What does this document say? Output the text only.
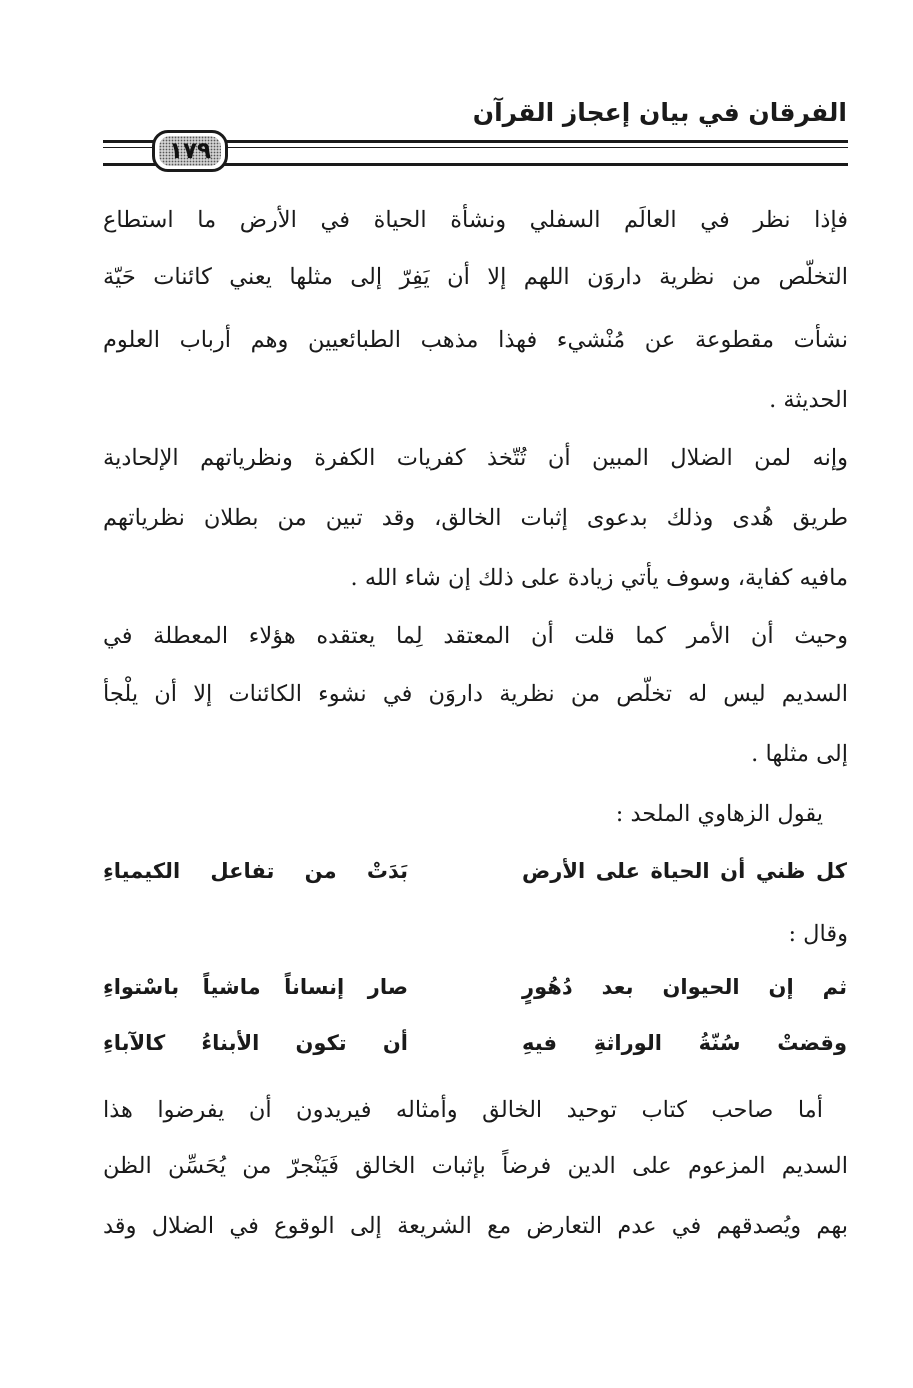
الفرقان في بيان إعجاز القرآن
١٧٩
فإذا نظر في العالَم السفلي ونشأة الحياة في الأرض ما استطاع
التخلّص من نظرية داروَن اللهم إلا أن يَفِرّ إلى مثلها يعني كائنات حَيّة
نشأت مقطوعة عن مُنْشيء فهذا مذهب الطبائعيين وهم أرباب العلوم
الحديثة .
وإنه لمن الضلال المبين أن تُتّخذ كفريات الكفرة ونظرياتهم الإلحادية
طريق هُدى وذلك بدعوى إثبات الخالق، وقد تبين من بطلان نظرياتهم
مافيه كفاية، وسوف يأتي زيادة على ذلك إن شاء الله .
وحيث أن الأمر كما قلت أن المعتقد لِما يعتقده هؤلاء المعطلة في
السديم ليس له تخلّص من نظرية داروَن في نشوء الكائنات إلا أن يلْجأ
إلى مثلها .
يقول الزهاوي الملحد :
كل ظني أن الحياة على الأرض
بَدَتْ من تفاعل الكيمياءِ
وقال :
ثم إن الحيوان بعد دُهُورٍ
صار إنساناً ماشياً باسْتواءِ
وقضتْ سُنّةُ الوراثةِ فيهِ
أن تكون الأبناءُ كالآباءِ
أما صاحب كتاب توحيد الخالق وأمثاله فيريدون أن يفرضوا هذا
السديم المزعوم على الدين فرضاً بإثبات الخالق فَيَنْجرّ من يُحَسِّن الظن
بهم ويُصدقهم في عدم التعارض مع الشريعة إلى الوقوع في الضلال وقد
